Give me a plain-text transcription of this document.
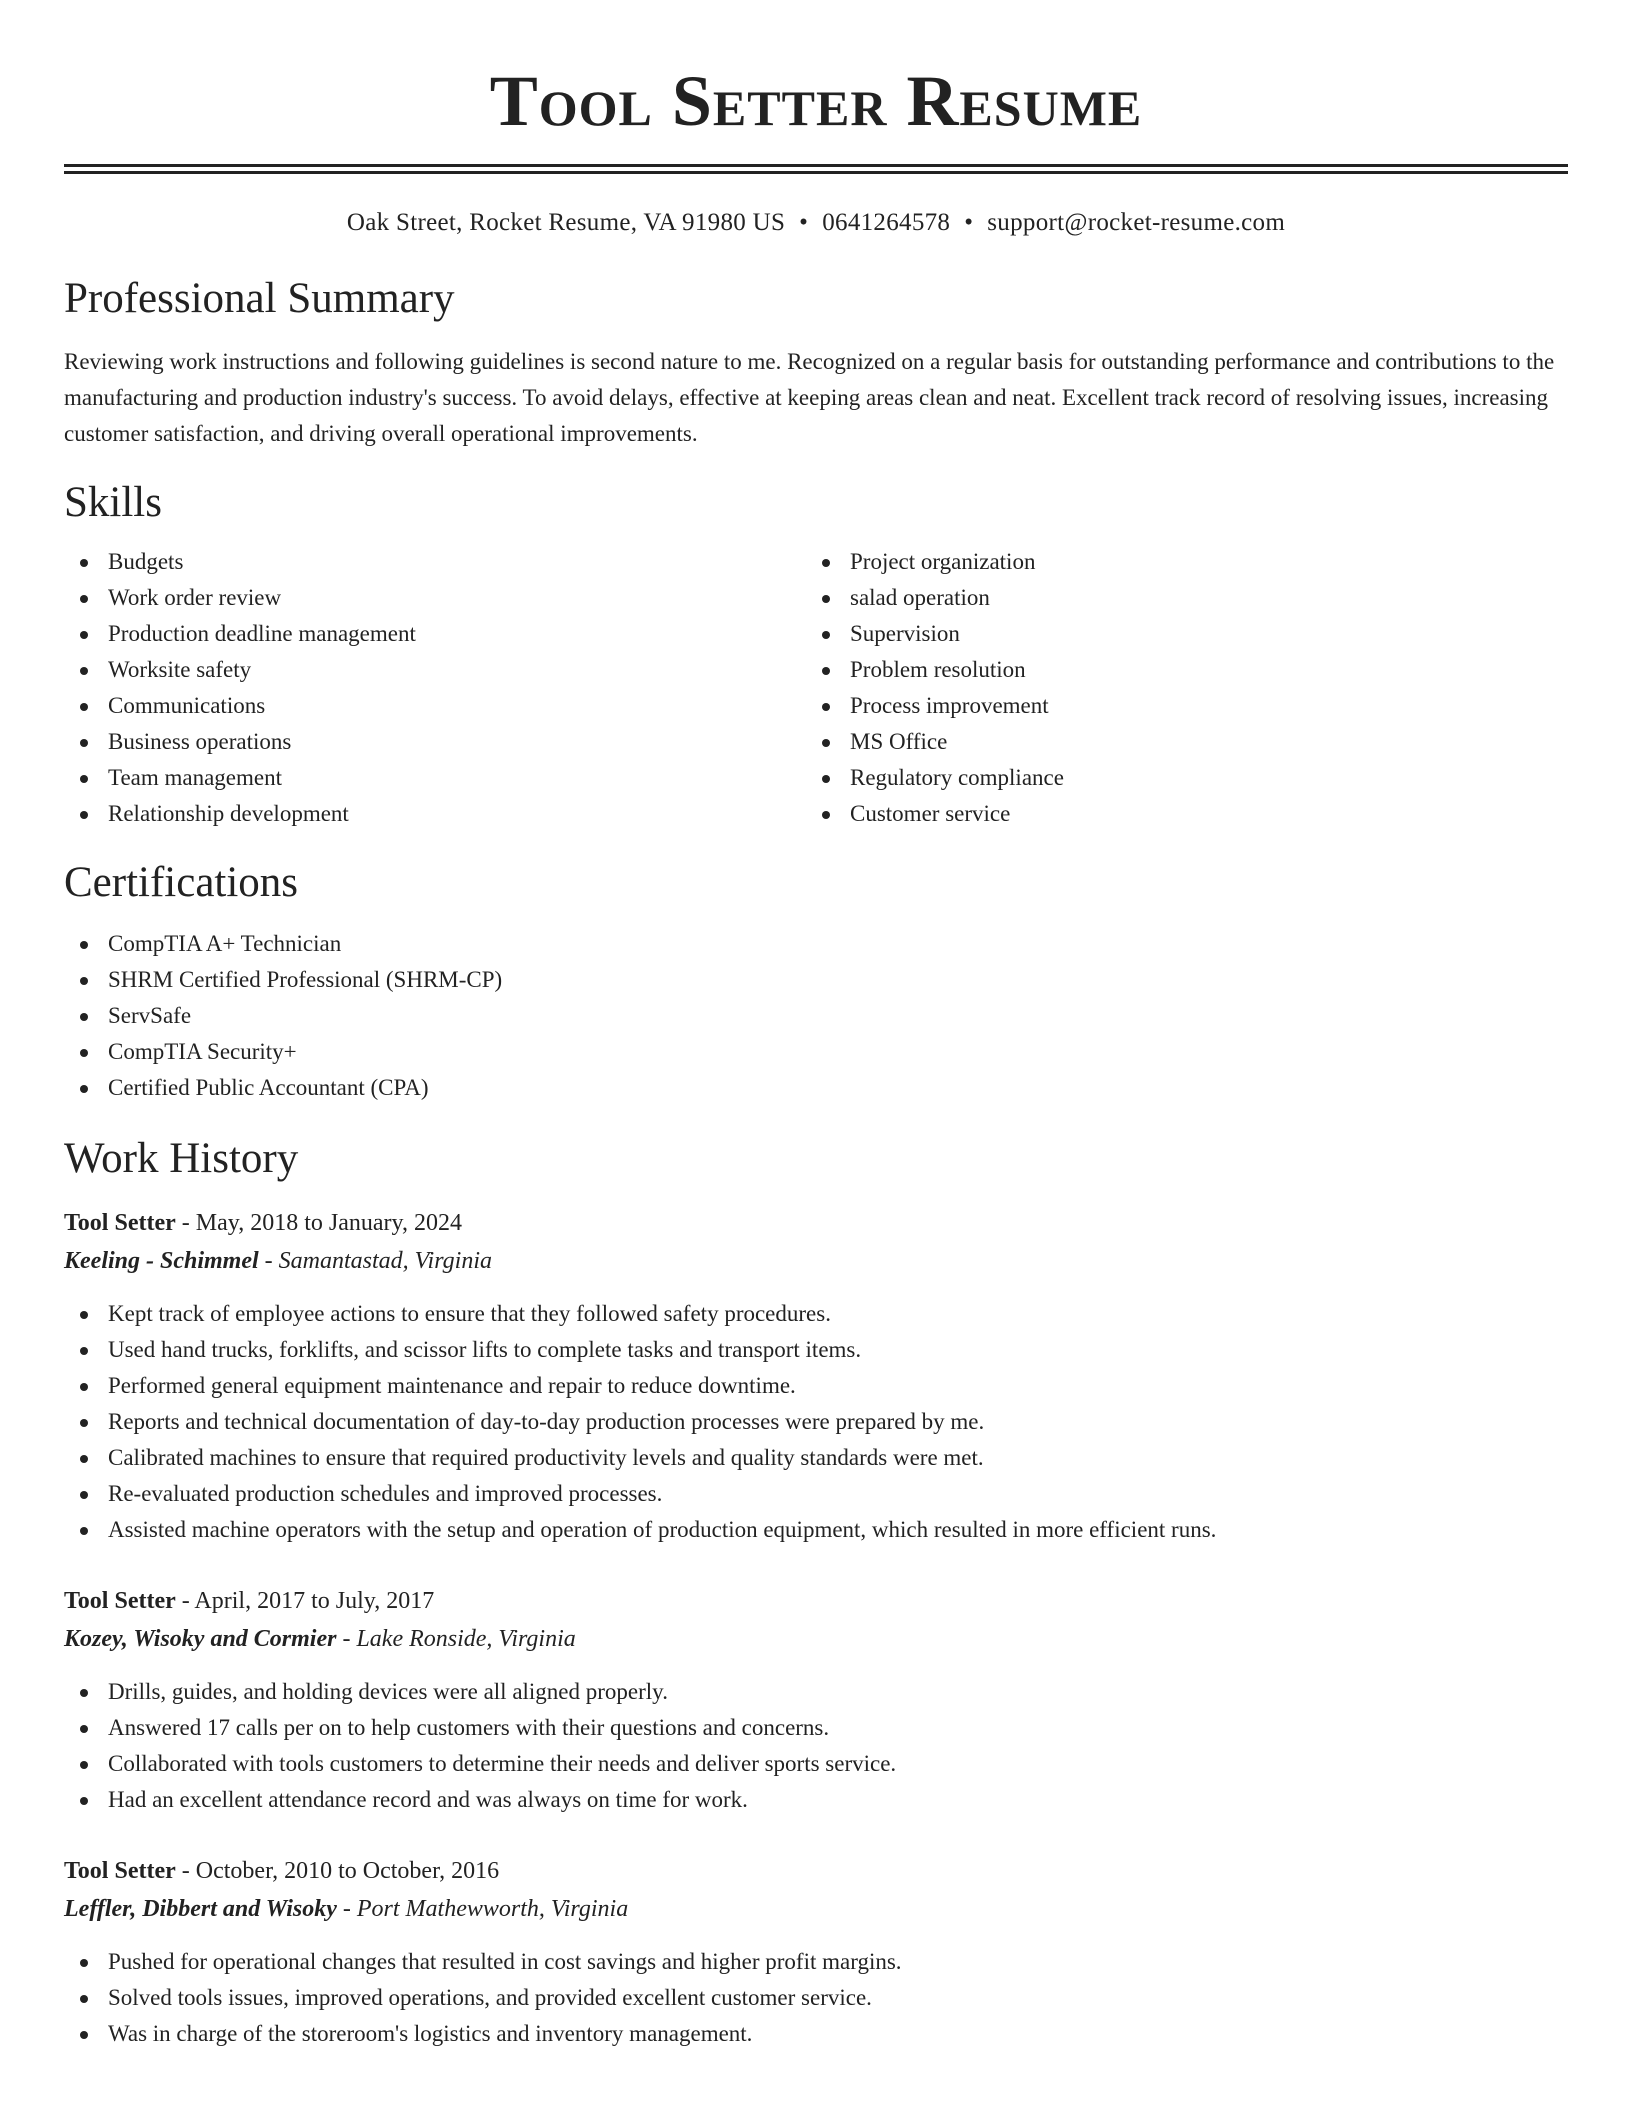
Tool Setter Resume
Oak Street, Rocket Resume, VA 91980 US • 0641264578 • support@rocket-resume.com
Professional Summary

Reviewing work instructions and following guidelines is second nature to me. Recognized on a regular basis for outstanding performance and contributions to the manufacturing and production industry's success. To avoid delays, effective at keeping areas clean and neat. Excellent track record of resolving issues, increasing customer satisfaction, and driving overall operational improvements.

Skills
Budgets
Work order review
Production deadline management
Worksite safety
Communications
Business operations
Team management
Relationship development
Project organization
salad operation
Supervision
Problem resolution
Process improvement
MS Office
Regulatory compliance
Customer service
Certifications
CompTIA A+ Technician
SHRM Certified Professional (SHRM-CP)
ServSafe
CompTIA Security+
Certified Public Accountant (CPA)
Work History
Tool Setter - May, 2018 to January, 2024
Keeling - Schimmel - Samantastad, Virginia
Kept track of employee actions to ensure that they followed safety procedures.
Used hand trucks, forklifts, and scissor lifts to complete tasks and transport items.
Performed general equipment maintenance and repair to reduce downtime.
Reports and technical documentation of day-to-day production processes were prepared by me.
Calibrated machines to ensure that required productivity levels and quality standards were met.
Re-evaluated production schedules and improved processes.
Assisted machine operators with the setup and operation of production equipment, which resulted in more efficient runs.
Tool Setter - April, 2017 to July, 2017
Kozey, Wisoky and Cormier - Lake Ronside, Virginia
Drills, guides, and holding devices were all aligned properly.
Answered 17 calls per on to help customers with their questions and concerns.
Collaborated with tools customers to determine their needs and deliver sports service.
Had an excellent attendance record and was always on time for work.
Tool Setter - October, 2010 to October, 2016
Leffler, Dibbert and Wisoky - Port Mathewworth, Virginia
Pushed for operational changes that resulted in cost savings and higher profit margins.
Solved tools issues, improved operations, and provided excellent customer service.
Was in charge of the storeroom's logistics and inventory management.
